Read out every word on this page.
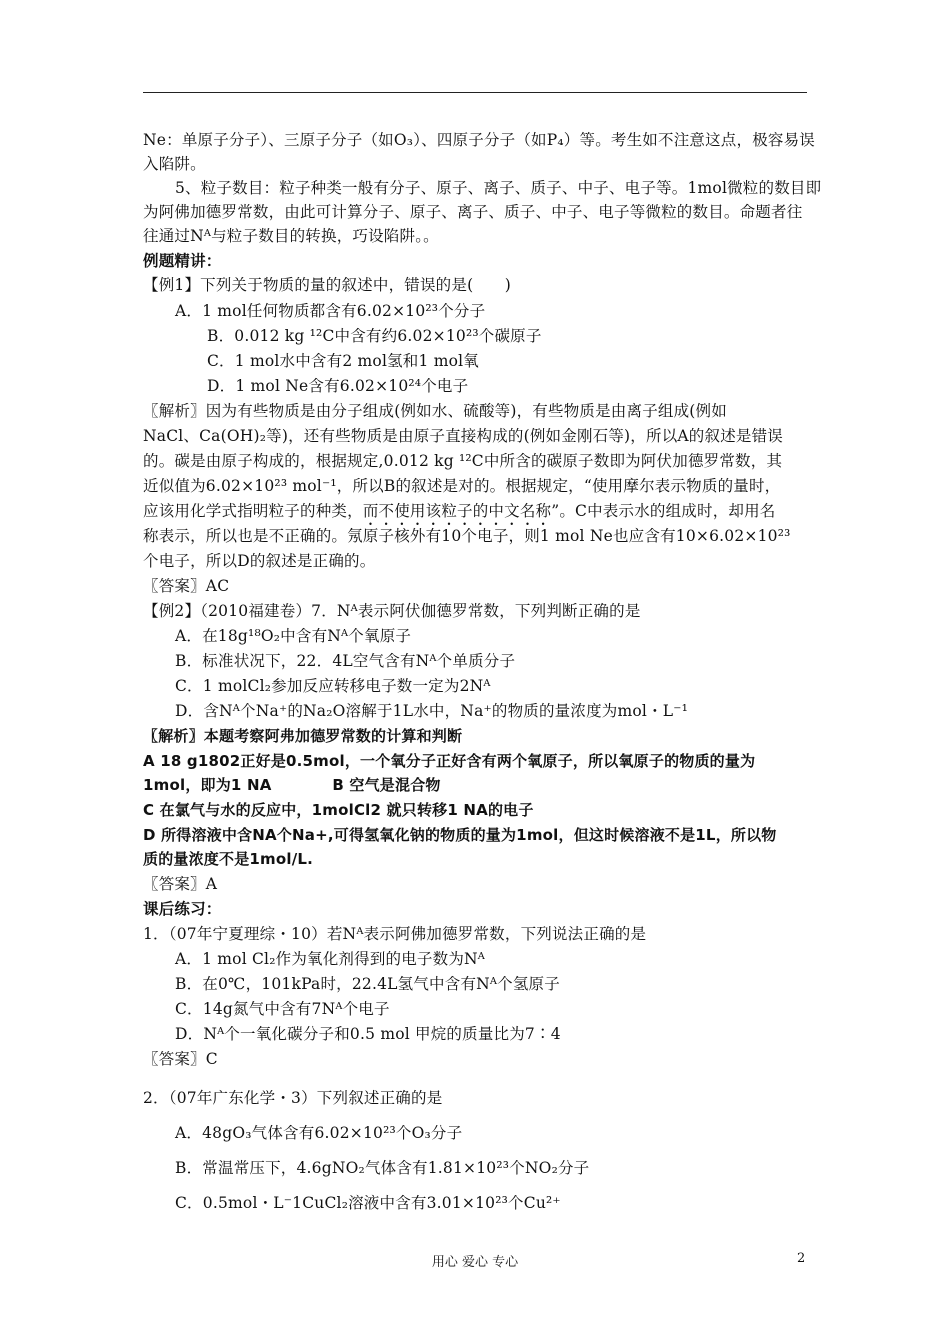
Ne：单原子分子）、三原子分子（如O₃）、四原子分子（如P₄）等。考生如不注意这点，极容易误
入陷阱。
5、粒子数目：粒子种类一般有分子、原子、离子、质子、中子、电子等。1mol微粒的数目即
为阿佛加德罗常数，由此可计算分子、原子、离子、质子、中子、电子等微粒的数目。命题者往
往通过Nᴬ与粒子数目的转换，巧设陷阱。。
例题精讲：
【例1】下列关于物质的量的叙述中，错误的是(　　)
A．1 mol任何物质都含有6.02×10²³个分子
B．0.012 kg ¹²C中含有约6.02×10²³个碳原子
C．1 mol水中含有2 mol氢和1 mol氧
D．1 mol Ne含有6.02×10²⁴个电子
〖解析〗因为有些物质是由分子组成(例如水、硫酸等)，有些物质是由离子组成(例如
NaCl、Ca(OH)₂等)，还有些物质是由原子直接构成的(例如金刚石等)，所以A的叙述是错误
的。碳是由原子构成的，根据规定,0.012 kg ¹²C中所含的碳原子数即为阿伏加德罗常数，其
近似值为6.02×10²³ mol⁻¹，所以B的叙述是对的。根据规定，“使用摩尔表示物质的量时，
应该用化学式指明粒子的种类，而不使用该粒子的中文名称”。C中表示水的组成时，却用名
称表示，所以也是不正确的。氖原子核外有10个电子，则1 mol Ne也应含有10×6.02×10²³
个电子，所以D的叙述是正确的。
〖答案〗AC
【例2】（2010福建卷）7．Nᴬ表示阿伏伽德罗常数，下列判断正确的是
A．在18g¹⁸O₂中含有Nᴬ个氧原子
B．标准状况下，22．4L空气含有Nᴬ个单质分子
C．1 molCl₂参加反应转移电子数一定为2Nᴬ
D．含Nᴬ个Na⁺的Na₂O溶解于1L水中，Na⁺的物质的量浓度为mol・L⁻¹
〖解析〗本题考察阿弗加德罗常数的计算和判断
A 18 g1802正好是0.5mol，一个氧分子正好含有两个氧原子，所以氧原子的物质的量为
1mol，即为1 NA　　　　B 空气是混合物
C 在氯气与水的反应中，1molCl2 就只转移1 NA的电子
D 所得溶液中含NA个Na+,可得氢氧化钠的物质的量为1mol，但这时候溶液不是1L，所以物
质的量浓度不是1mol/L.
〖答案〗A
课后练习：
1．（07年宁夏理综・10）若Nᴬ表示阿佛加德罗常数，下列说法正确的是
A．1 mol Cl₂作为氧化剂得到的电子数为Nᴬ
B．在0℃，101kPa时，22.4L氢气中含有Nᴬ个氢原子
C．14g氮气中含有7Nᴬ个电子
D．Nᴬ个一氧化碳分子和0.5 mol 甲烷的质量比为7∶4
〖答案〗C
2．（07年广东化学・3）下列叙述正确的是
A．48gO₃气体含有6.02×10²³个O₃分子
B．常温常压下，4.6gNO₂气体含有1.81×10²³个NO₂分子
C．0.5mol・L⁻1CuCl₂溶液中含有3.01×10²³个Cu²⁺
用心 爱心 专心	2
